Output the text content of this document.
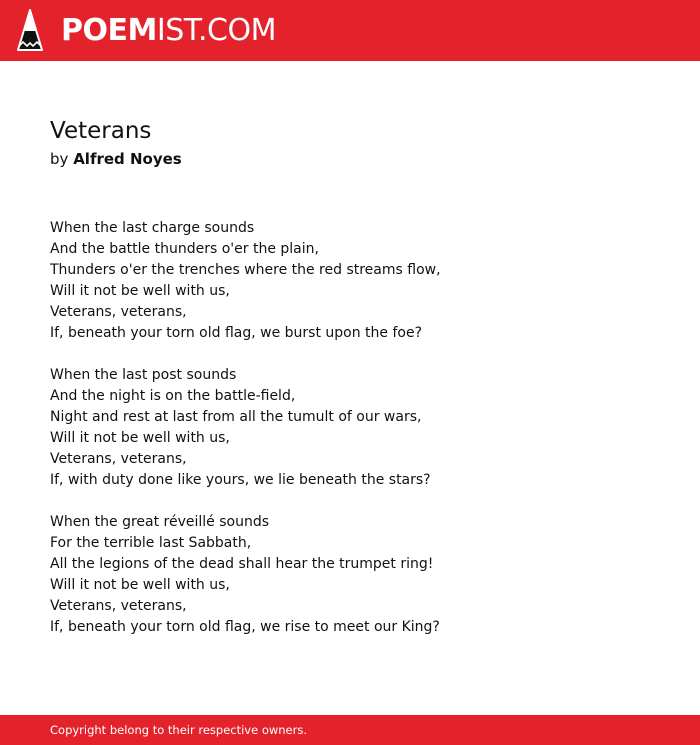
POEMIST.COM
Veterans

by Alfred Noyes

When the last charge sounds
And the battle thunders o'er the plain,
Thunders o'er the trenches where the red streams flow,
Will it not be well with us,
Veterans, veterans,
If, beneath your torn old flag, we burst upon the foe?

When the last post sounds
And the night is on the battle-field,
Night and rest at last from all the tumult of our wars,
Will it not be well with us,
Veterans, veterans,
If, with duty done like yours, we lie beneath the stars?

When the great réveillé sounds
For the terrible last Sabbath,
All the legions of the dead shall hear the trumpet ring!
Will it not be well with us,
Veterans, veterans,
If, beneath your torn old flag, we rise to meet our King?

Copyright belong to their respective owners.
